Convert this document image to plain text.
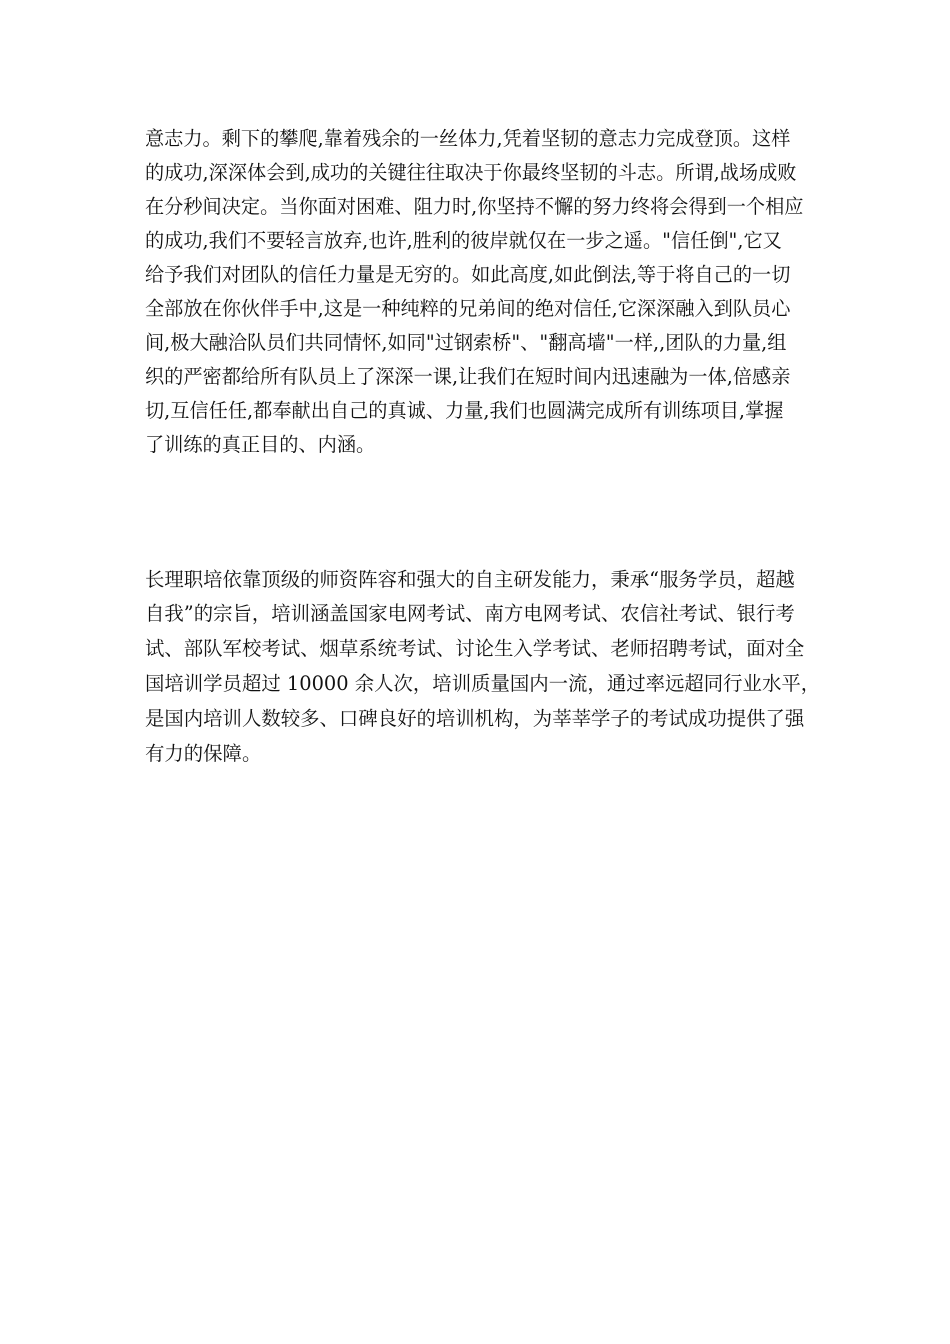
意志力。剩下的攀爬,靠着残余的一丝体力,凭着坚韧的意志力完成登顶。这样
的成功,深深体会到,成功的关键往往取决于你最终坚韧的斗志。所谓,战场成败
在分秒间决定。当你面对困难、阻力时,你坚持不懈的努力终将会得到一个相应
的成功,我们不要轻言放弃,也许,胜利的彼岸就仅在一步之遥。"信任倒",它又
给予我们对团队的信任力量是无穷的。如此高度,如此倒法,等于将自己的一切
全部放在你伙伴手中,这是一种纯粹的兄弟间的绝对信任,它深深融入到队员心
间,极大融洽队员们共同情怀,如同"过钢索桥"、"翻高墙"一样,,团队的力量,组
织的严密都给所有队员上了深深一课,让我们在短时间内迅速融为一体,倍感亲
切,互信任任,都奉献出自己的真诚、力量,我们也圆满完成所有训练项目,掌握
了训练的真正目的、内涵。
长理职培依靠顶级的师资阵容和强大的自主研发能力，秉承“服务学员，超越
自我”的宗旨，培训涵盖国家电网考试、南方电网考试、农信社考试、银行考
试、部队军校考试、烟草系统考试、讨论生入学考试、老师招聘考试，面对全
国培训学员超过 10000 余人次，培训质量国内一流，通过率远超同行业水平，
是国内培训人数较多、口碑良好的培训机构，为莘莘学子的考试成功提供了强
有力的保障。
